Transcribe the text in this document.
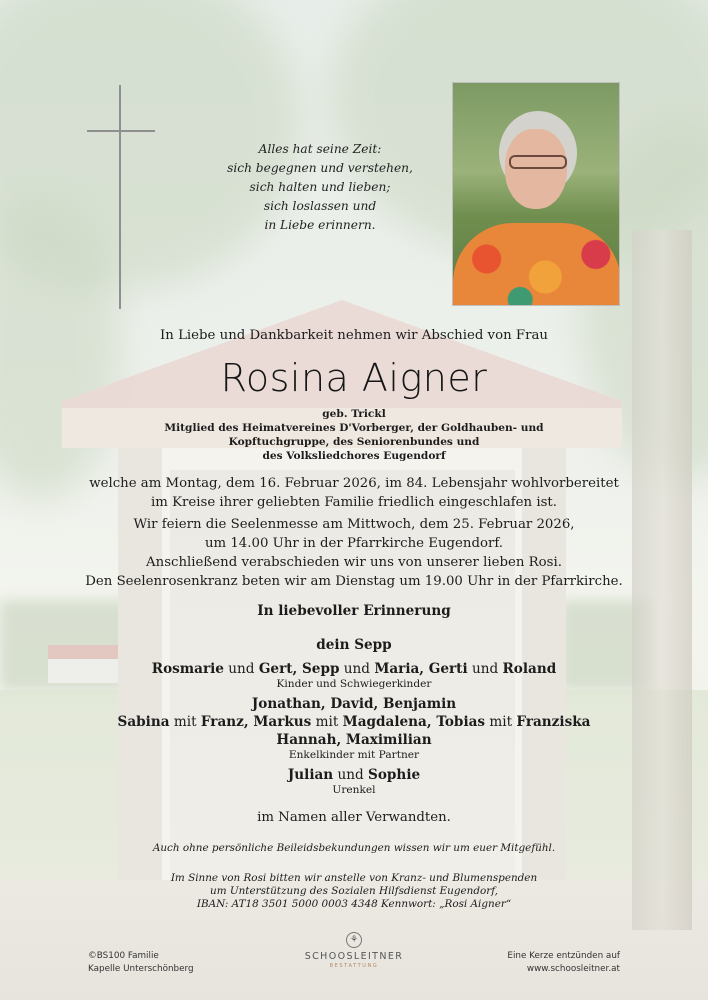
Alles hat seine Zeit:
sich begegnen und verstehen,
sich halten und lieben;
sich loslassen und
in Liebe erinnern.
In Liebe und Dankbarkeit nehmen wir Abschied von Frau
Rosina Aigner
geb. Trickl
Mitglied des Heimatvereines D'Vorberger, der Goldhauben- und
Kopftuchgruppe, des Seniorenbundes und
des Volksliedchores Eugendorf
welche am Montag, dem 16. Februar 2026, im 84. Lebensjahr wohlvorbereitet
im Kreise ihrer geliebten Familie friedlich eingeschlafen ist.
Wir feiern die Seelenmesse am Mittwoch, dem 25. Februar 2026,
um 14.00 Uhr in der Pfarrkirche Eugendorf.
Anschließend verabschieden wir uns von unserer lieben Rosi.
Den Seelenrosenkranz beten wir am Dienstag um 19.00 Uhr in der Pfarrkirche.
In liebevoller Erinnerung
dein Sepp
Rosmarie und Gert, Sepp und Maria, Gerti und Roland
Kinder und Schwiegerkinder
Jonathan, David, Benjamin
Sabina mit Franz, Markus mit Magdalena, Tobias mit Franziska
Hannah, Maximilian
Enkelkinder mit Partner
Julian und Sophie
Urenkel
im Namen aller Verwandten.
Auch ohne persönliche Beileidsbekundungen wissen wir um euer Mitgefühl.
Im Sinne von Rosi bitten wir anstelle von Kranz- und Blumenspenden
um Unterstützung des Sozialen Hilfsdienst Eugendorf,
IBAN: AT18 3501 5000 0003 4348 Kennwort: „Rosi Aigner“
©BS100 Familie
Kapelle Unterschönberg
⚘
SCHOOSLEITNER
BESTATTUNG
Eine Kerze entzünden auf
www.schoosleitner.at
